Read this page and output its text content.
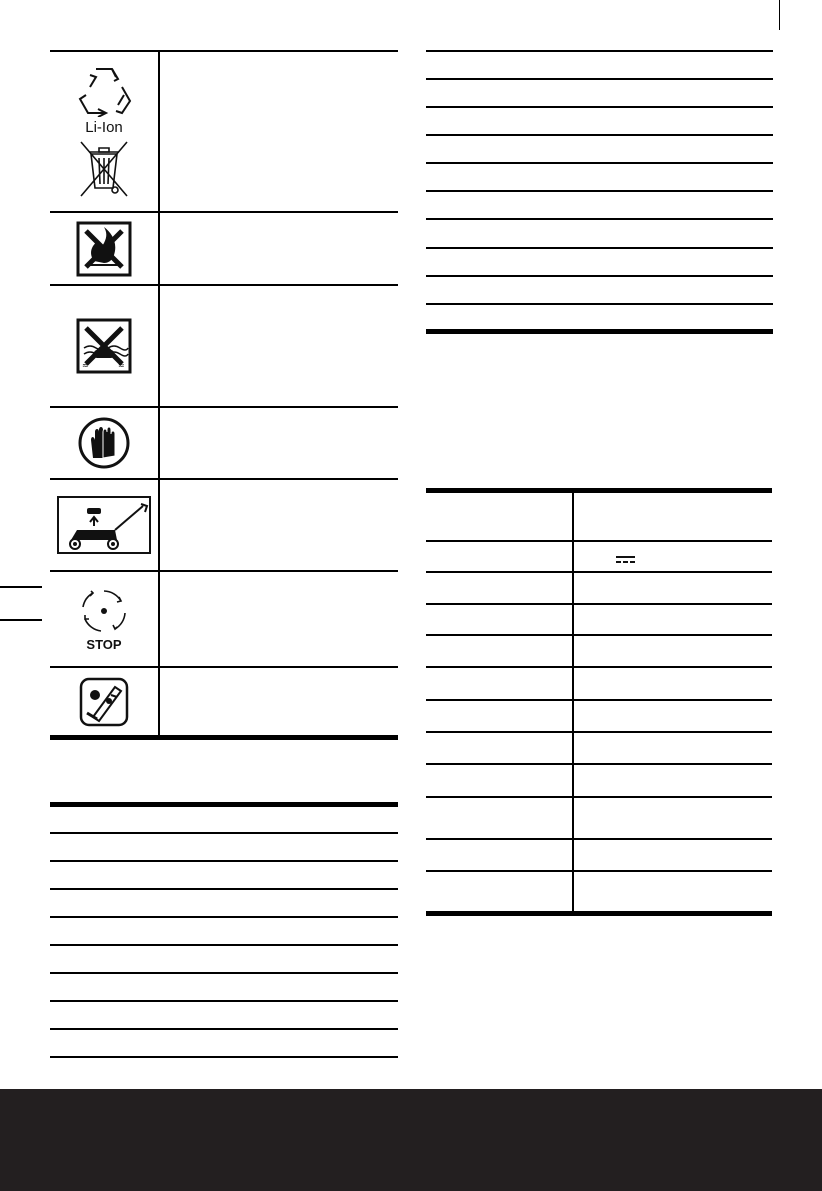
Li-Ion
≈	≈
STOP
